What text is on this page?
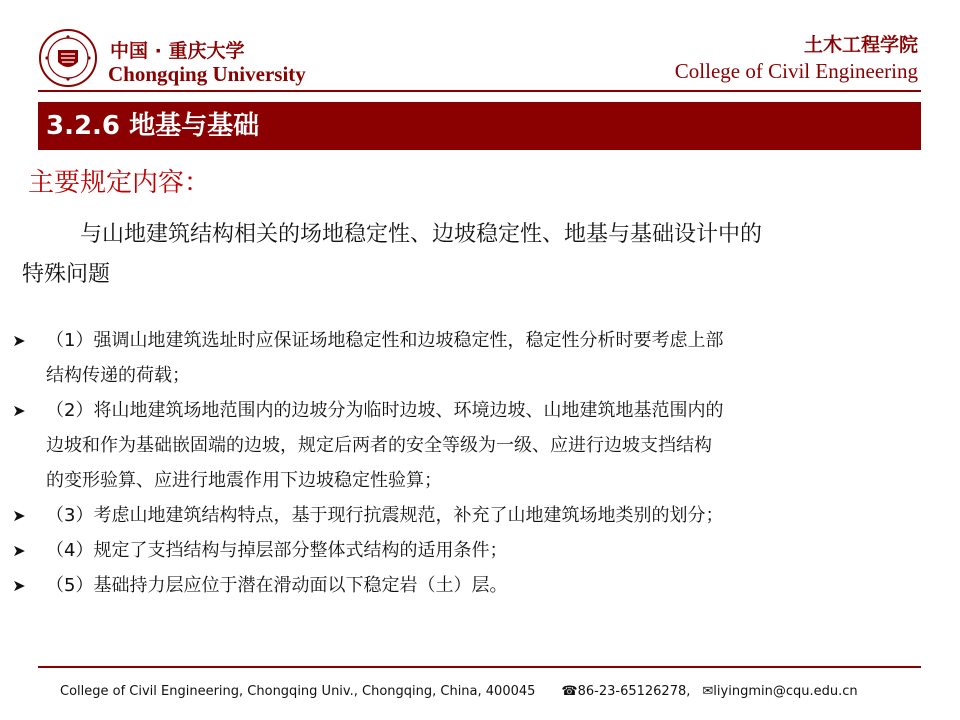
中国 · 重庆大学
Chongqing University
土木工程学院
College of Civil Engineering
3.2.6 地基与基础
主要规定内容：
与山地建筑结构相关的场地稳定性、边坡稳定性、地基与基础设计中的
特殊问题
➤ （1）强调山地建筑选址时应保证场地稳定性和边坡稳定性，稳定性分析时要考虑上部
结构传递的荷载；
➤ （2）将山地建筑场地范围内的边坡分为临时边坡、环境边坡、山地建筑地基范围内的
边坡和作为基础嵌固端的边坡，规定后两者的安全等级为一级、应进行边坡支挡结构
的变形验算、应进行地震作用下边坡稳定性验算；
➤ （3）考虑山地建筑结构特点，基于现行抗震规范，补充了山地建筑场地类别的划分；
➤ （4）规定了支挡结构与掉层部分整体式结构的适用条件；
➤ （5）基础持力层应位于潜在滑动面以下稳定岩（土）层。
College of Civil Engineering, Chongqing Univ., Chongqing, China, 400045 ☎86-23-65126278, ✉liyingmin@cqu.edu.cn
